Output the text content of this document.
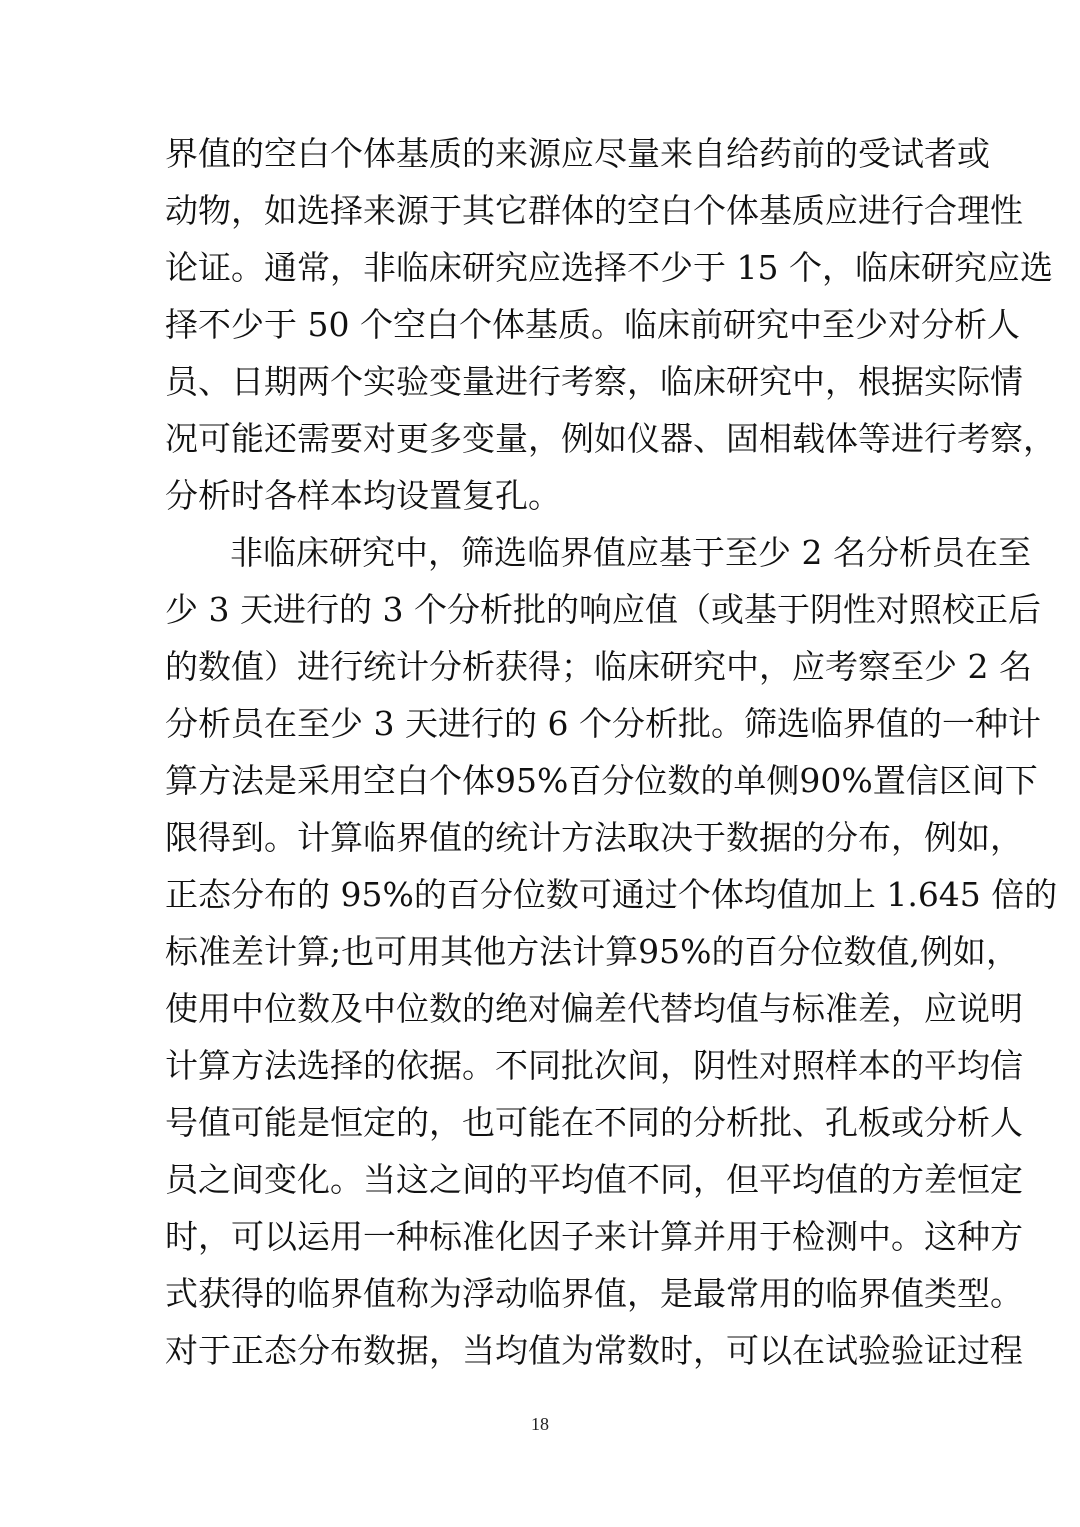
界值的空白个体基质的来源应尽量来自给药前的受试者或
动物，如选择来源于其它群体的空白个体基质应进行合理性
论证。通常，非临床研究应选择不少于 15 个，临床研究应选
择不少于 50 个空白个体基质。临床前研究中至少对分析人
员、日期两个实验变量进行考察，临床研究中，根据实际情
况可能还需要对更多变量，例如仪器、固相载体等进行考察，
分析时各样本均设置复孔。
非临床研究中，筛选临界值应基于至少 2 名分析员在至
少 3 天进行的 3 个分析批的响应值（或基于阴性对照校正后
的数值）进行统计分析获得；临床研究中，应考察至少 2 名
分析员在至少 3 天进行的 6 个分析批。筛选临界值的一种计
算方法是采用空白个体95%百分位数的单侧90%置信区间下
限得到。计算临界值的统计方法取决于数据的分布，例如，
正态分布的 95%的百分位数可通过个体均值加上 1.645 倍的
标准差计算;也可用其他方法计算95%的百分位数值,例如，
使用中位数及中位数的绝对偏差代替均值与标准差，应说明
计算方法选择的依据。不同批次间，阴性对照样本的平均信
号值可能是恒定的，也可能在不同的分析批、孔板或分析人
员之间变化。当这之间的平均值不同，但平均值的方差恒定
时，可以运用一种标准化因子来计算并用于检测中。这种方
式获得的临界值称为浮动临界值，是最常用的临界值类型。
对于正态分布数据，当均值为常数时，可以在试验验证过程
18
